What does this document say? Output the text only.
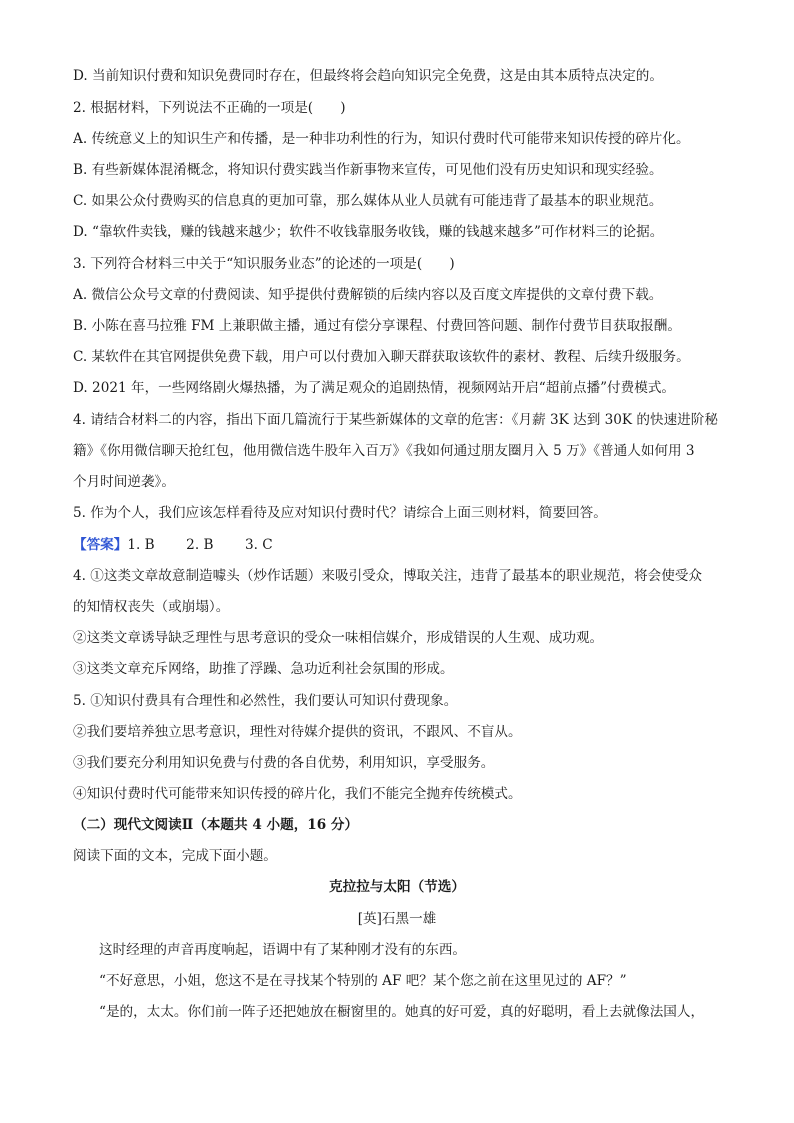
D. 当前知识付费和知识免费同时存在，但最终将会趋向知识完全免费，这是由其本质特点决定的。
2. 根据材料，下列说法不正确的一项是(　　)
A. 传统意义上的知识生产和传播，是一种非功利性的行为，知识付费时代可能带来知识传授的碎片化。
B. 有些新媒体混淆概念，将知识付费实践当作新事物来宣传，可见他们没有历史知识和现实经验。
C. 如果公众付费购买的信息真的更加可靠，那么媒体从业人员就有可能违背了最基本的职业规范。
D. “靠软件卖钱，赚的钱越来越少；软件不收钱靠服务收钱，赚的钱越来越多”可作材料三的论据。
3. 下列符合材料三中关于“知识服务业态”的论述的一项是(　　)
A. 微信公众号文章的付费阅读、知乎提供付费解锁的后续内容以及百度文库提供的文章付费下载。
B. 小陈在喜马拉雅 FM 上兼职做主播，通过有偿分享课程、付费回答问题、制作付费节目获取报酬。
C. 某软件在其官网提供免费下载，用户可以付费加入聊天群获取该软件的素材、教程、后续升级服务。
D. 2021 年，一些网络剧火爆热播，为了满足观众的追剧热情，视频网站开启“超前点播”付费模式。
4. 请结合材料二的内容，指出下面几篇流行于某些新媒体的文章的危害：《月薪 3K 达到 30K 的快速进阶秘
籍》《你用微信聊天抢红包，他用微信选牛股年入百万》《我如何通过朋友圈月入 5 万》《普通人如何用 3
个月时间逆袭》。
5. 作为个人，我们应该怎样看待及应对知识付费时代？请综合上面三则材料，简要回答。
【答案】1. B　　 2. B　　 3. C
4. ①这类文章故意制造噱头（炒作话题）来吸引受众，博取关注，违背了最基本的职业规范，将会使受众
的知情权丧失（或崩塌）。
②这类文章诱导缺乏理性与思考意识的受众一味相信媒介，形成错误的人生观、成功观。
③这类文章充斥网络，助推了浮躁、急功近利社会氛围的形成。
5. ①知识付费具有合理性和必然性，我们要认可知识付费现象。
②我们要培养独立思考意识，理性对待媒介提供的资讯，不跟风、不盲从。
③我们要充分利用知识免费与付费的各自优势，利用知识，享受服务。
④知识付费时代可能带来知识传授的碎片化，我们不能完全抛弃传统模式。
（二）现代文阅读Ⅱ（本题共 4 小题，16 分）
阅读下面的文本，完成下面小题。
克拉拉与太阳（节选）
[英]石黑一雄
这时经理的声音再度响起，语调中有了某种刚才没有的东西。
“不好意思，小姐，您这不是在寻找某个特别的 AF 吧？某个您之前在这里见过的 AF？”
“是的，太太。你们前一阵子还把她放在橱窗里的。她真的好可爱，真的好聪明，看上去就像法国人，
